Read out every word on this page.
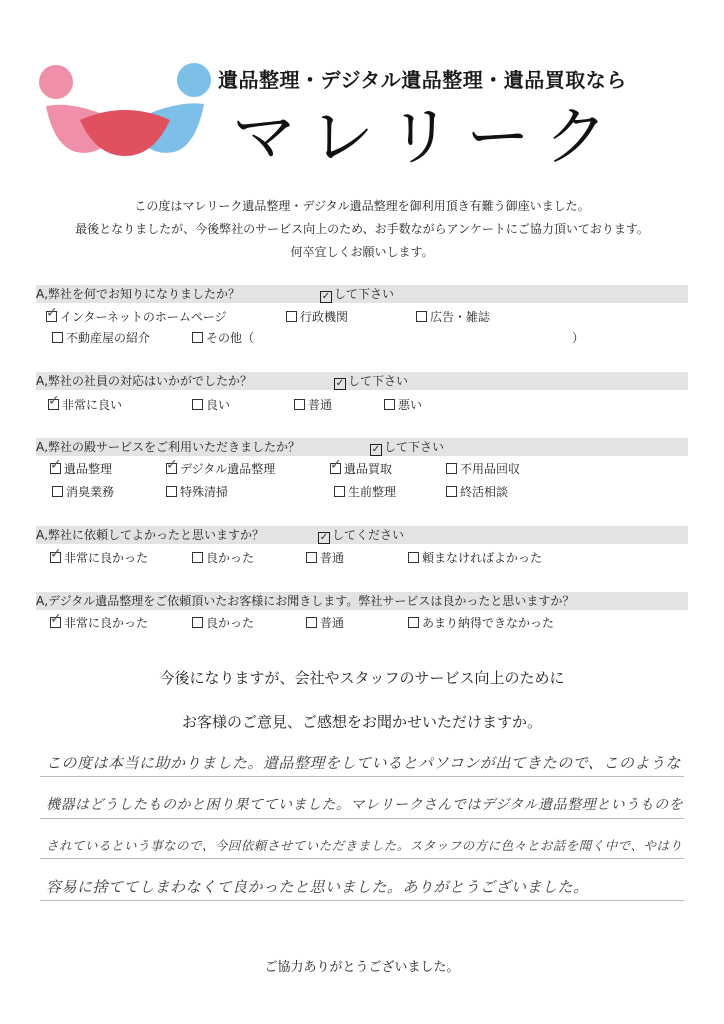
遺品整理・デジタル遺品整理・遺品買取なら
マレリーク
この度はマレリーク遺品整理・デジタル遺品整理を御利用頂き有難う御座いました。
最後となりましたが、今後弊社のサービス向上のため、お手数ながらアンケートにご協力頂いております。
何卒宜しくお願いします。
A,弊社を何でお知りになりましたか？	✓ して下さい
✓ インターネットのホームページ	行政機関	広告・雑誌
不動産屋の紹介	その他（	）
A,弊社の社員の対応はいかがでしたか？	✓ して下さい
✓ 非常に良い	良い	普通	悪い
A,弊社の殿サービスをご利用いただきましたか？	✓ して下さい
✓ 遺品整理	✓ デジタル遺品整理	✓ 遺品買取	不用品回収
消臭業務	特殊清掃	生前整理	終活相談
A,弊社に依頼してよかったと思いますか？	✓ してください
✓ 非常に良かった	良かった	普通	頼まなければよかった
A,デジタル遺品整理をご依頼頂いたお客様にお聞きします。弊社サービスは良かったと思いますか？
✓ 非常に良かった	良かった	普通	あまり納得できなかった
今後になりますが、会社やスタッフのサービス向上のために
お客様のご意見、ご感想をお聞かせいただけますか。
この度は本当に助かりました。遺品整理をしているとパソコンが出てきたので、このような
機器はどうしたものかと困り果てていました。マレリークさんではデジタル遺品整理というものを
されているという事なので、今回依頼させていただきました。スタッフの方に色々とお話を聞く中で、やはり
容易に捨ててしまわなくて良かったと思いました。ありがとうございました。
ご協力ありがとうございました。
